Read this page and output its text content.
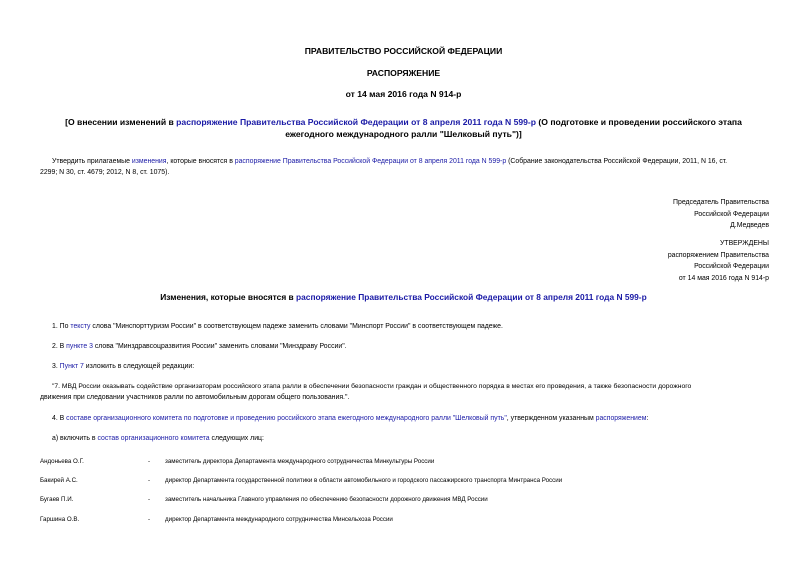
ПРАВИТЕЛЬСТВО РОССИЙСКОЙ ФЕДЕРАЦИИ
РАСПОРЯЖЕНИЕ
от 14 мая 2016 года N 914-р
[О внесении изменений в распоряжение Правительства Российской Федерации от 8 апреля 2011 года N 599-р (О подготовке и проведении российского этапа
ежегодного международного ралли "Шелковый путь")]
Утвердить прилагаемые изменения, которые вносятся в распоряжение Правительства Российской Федерации от 8 апреля 2011 года N 599-р (Собрание законодательства Российской Федерации, 2011, N 16, ст.
2299; N 30, ст. 4679; 2012, N 8, ст. 1075).
Председатель Правительства
Российской Федерации
Д.Медведев
УТВЕРЖДЕНЫ
распоряжением Правительства
Российской Федерации
от 14 мая 2016 года N 914-р
Изменения, которые вносятся в распоряжение Правительства Российской Федерации от 8 апреля 2011 года N 599-р
1. По тексту слова "Минспорттуризм России" в соответствующем падеже заменить словами "Минспорт России" в соответствующем падеже.
2. В пункте 3 слова "Минздравсоцразвития России" заменить словами "Минздраву России".
3. Пункт 7 изложить в следующей редакции:
"7. МВД России оказывать содействие организаторам российского этапа ралли в обеспечении безопасности граждан и общественного порядка в местах его проведения, а также безопасности дорожного
движения при следовании участников ралли по автомобильным дорогам общего пользования.".
4. В составе организационного комитета по подготовке и проведению российского этапа ежегодного международного ралли "Шелковый путь", утвержденном указанным распоряжением:
а) включить в состав организационного комитета следующих лиц:
Андоньева О.Г.	- заместитель директора Департамента международного сотрудничества Минкультуры России
Бакирей А.С.	- директор Департамента государственной политики в области автомобильного и городского пассажирского транспорта Минтранса России
Бугаев П.И.	- заместитель начальника Главного управления по обеспечению безопасности дорожного движения МВД России
Гаршина О.В.	- директор Департамента международного сотрудничества Минсельхоза России
